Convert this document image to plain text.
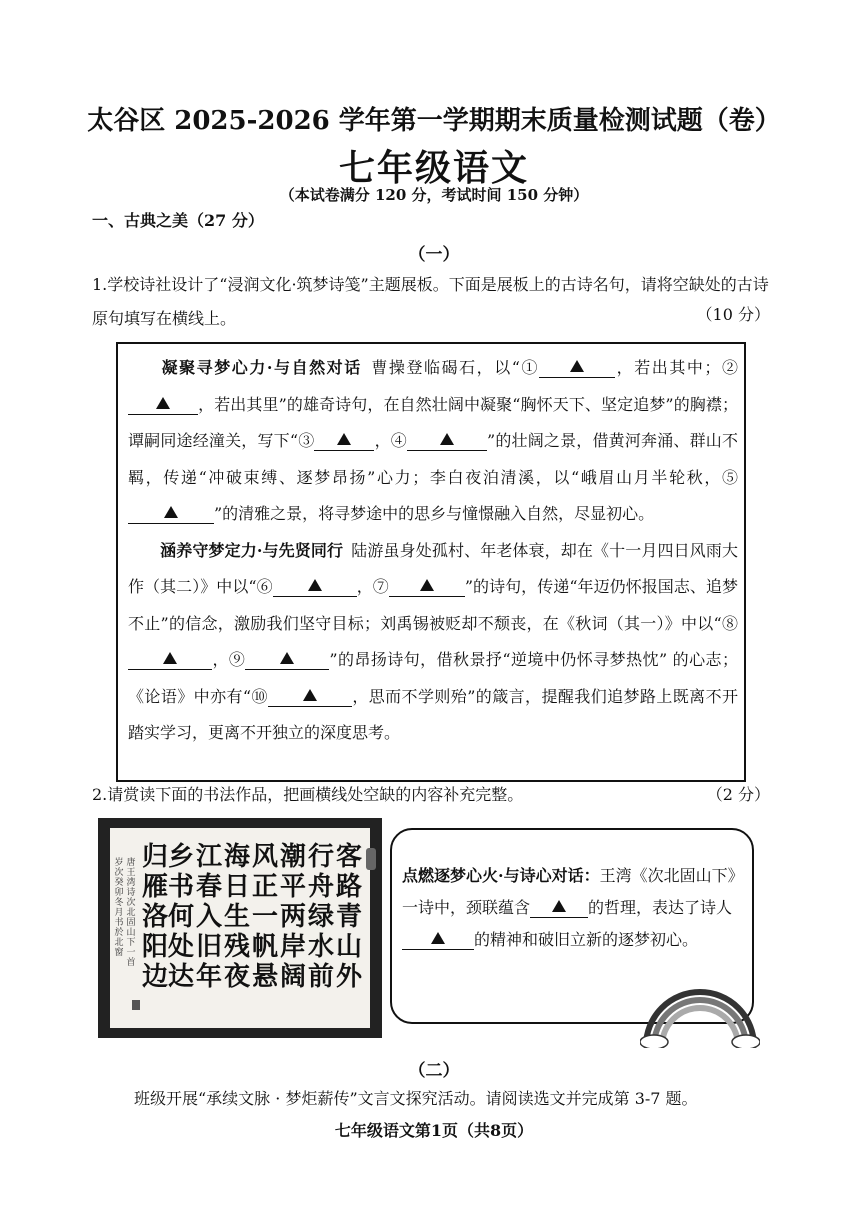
太谷区 2025-2026 学年第一学期期末质量检测试题（卷）
七年级语文
（本试卷满分 120 分，考试时间 150 分钟）
一、古典之美（27 分）
（一）
1.学校诗社设计了“浸润文化·筑梦诗笺”主题展板。下面是展板上的古诗名句，请将空缺处的古诗原句填写在横线上。	（10 分）
  凝聚寻梦心力·与自然对话  曹操登临碣石，以“①	，若出其中；②，若出其里”的雄奇诗句，在自然壮阔中凝聚“胸怀天下、坚定追梦”的胸襟；谭嗣同途经潼关，写下“③	，④	”的壮阔之景，借黄河奔涌、群山不羁，传递“冲破束缚、逐梦昂扬”心力；李白夜泊清溪，以“峨眉山月半轮秋，⑤”的清雅之景，将寻梦途中的思乡与憧憬融入自然，尽显初心。
  涵养守梦定力·与先贤同行  陆游虽身处孤村、年老体衰，却在《十一月四日风雨大作（其二）》中以“⑥	，⑦	”的诗句，传递“年迈仍怀报国志、追梦不止”的信念，激励我们坚守目标；刘禹锡被贬却不颓丧，在《秋词（其一）》中以“⑧，⑨	”的昂扬诗句，借秋景抒“逆境中仍怀寻梦热忱” 的心志；《论语》中亦有“⑩	，思而不学则殆”的箴言，提醒我们追梦路上既离不开踏实学习，更离不开独立的深度思考。
2.请赏读下面的书法作品，把画横线处空缺的内容补充完整。	（2 分）
客
路
青
山
外
行
舟
绿
水
前
潮
平
两
岸
阔
风
正
一
帆
悬
海
日
生
残
夜
江
春
入
旧
年
乡
书
何
处
达
归
雁
洛
阳
边
唐
王
湾
诗
次
北
固
山
下
一
首
岁
次
癸
卯
冬
月
书
於
北
窗
点燃逐梦心火·与诗心对话：王湾《次北固山下》一诗中，颈联蕴含	的哲理，表达了诗人的精神和破旧立新的逐梦初心。
（二）
班级开展“承续文脉 · 梦炬薪传”文言文探究活动。请阅读选文并完成第 3-7 题。
七年级语文第1页（共8页）
